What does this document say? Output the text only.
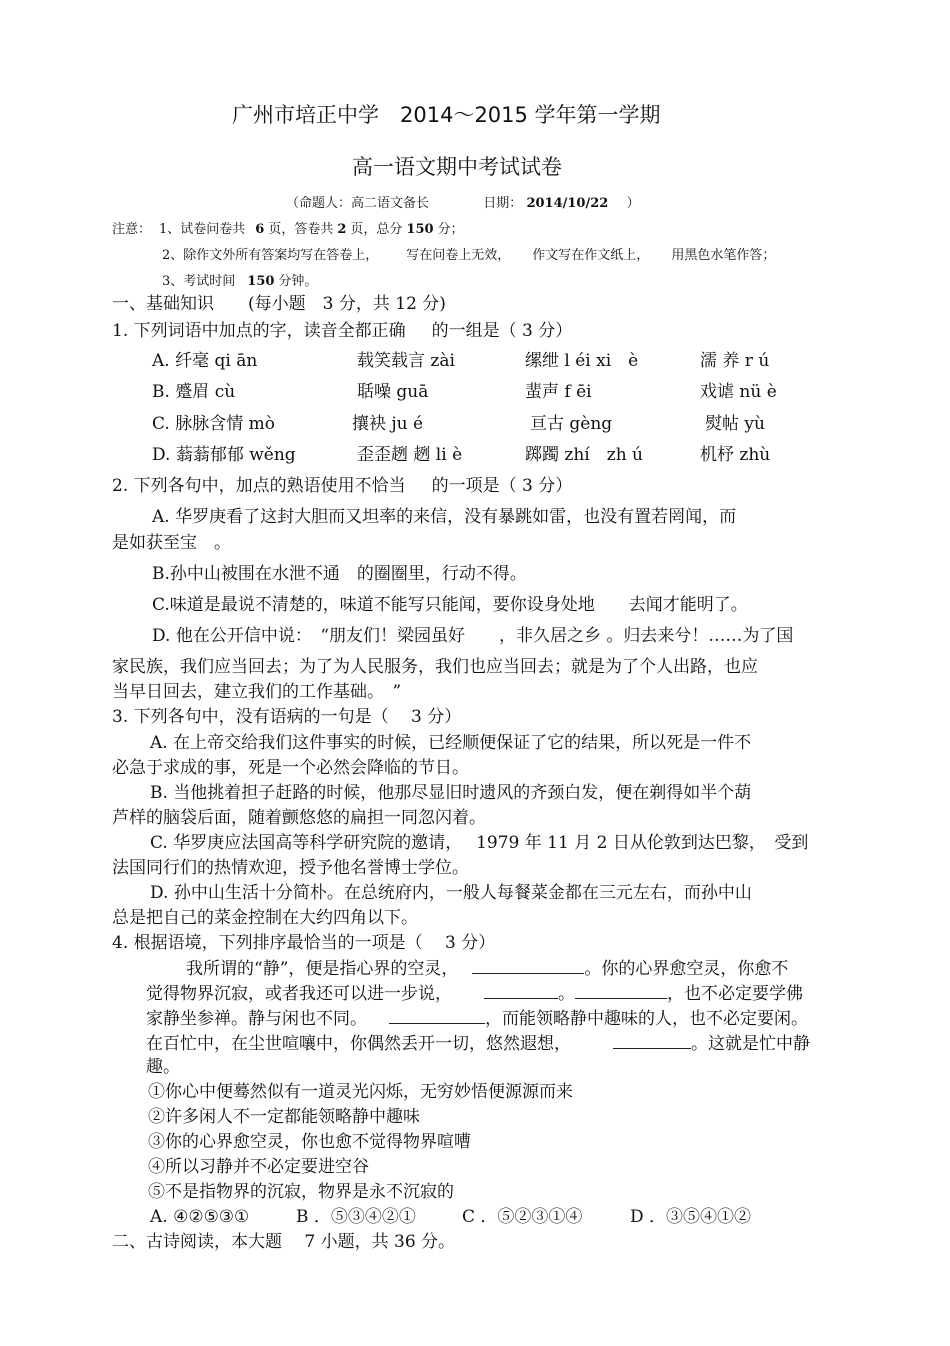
广州市培正中学　2014～2015 学年第一学期
高一语文期中考试试卷
（命题人：高二语文备长	日期： 2014/10/22 ）
注意： 1、试卷问卷共 6 页，答卷共 2 页，总分 150 分；
2、除作文外所有答案均写在答卷上， 写在问卷上无效， 作文写在作文纸上， 用黑色水笔作答；
3、考试时间 150 分钟。
一、基础知识　　(每小题　3 分，共 12 分)
1. 下列词语中加点的字，读音全都正确 的一组是（ 3 分）
A. 纤毫 qi ān	载笑载言 zài	缧绁 l éi xi　è	濡 养 r ú
B. 蹙眉 cù	聒噪 guā	蜚声 f ēi	戏谑 nü è
C. 脉脉含情 mò	攘袂 ju é	亘古 gèng	熨帖 yù
D. 蓊蓊郁郁 wěng	歪歪趔 趔 li è	踯躅 zhí　zh ú	机杼 zhù
2. 下列各句中，加点的熟语使用不恰当 的一项是（ 3 分）
A. 华罗庚看了这封大胆而又坦率的来信，没有暴跳如雷，也没有置若罔闻，而
是如获至宝　。
B.孙中山被围在水泄不通　的圈圈里，行动不得。
C.味道是最说不清楚的，味道不能写只能闻，要你设身处地　　去闻才能明了。
D. 他在公开信中说：　“朋友们！梁园虽好　　，非久居之乡 。归去来兮！……为了国
家民族，我们应当回去；为了为人民服务，我们也应当回去；就是为了个人出路，也应
当早日回去，建立我们的工作基础。　”
3. 下列各句中，没有语病的一句是（　 3 分）
A. 在上帝交给我们这件事实的时候，已经顺便保证了它的结果，所以死是一件不
必急于求成的事，死是一个必然会降临的节日。
B. 当他挑着担子赶路的时候，他那尽显旧时遗风的齐颈白发，便在剃得如半个葫
芦样的脑袋后面，随着颤悠悠的扁担一同忽闪着。
C. 华罗庚应法国高等科学研究院的邀请，　 1979 年 11 月 2 日从伦敦到达巴黎，　受到
法国同行们的热情欢迎，授予他名誉博士学位。
D. 孙中山生活十分简朴。在总统府内，一般人每餐菜金都在三元左右，而孙中山
总是把自己的菜金控制在大约四角以下。
4. 根据语境，下列排序最恰当的一项是（　 3 分）
我所谓的“静”，便是指心界的空灵，	。你的心界愈空灵，你愈不
觉得物界沉寂，或者我还可以进一步说，	。	，也不必定要学佛
家静坐参禅。静与闲也不同。	，而能领略静中趣味的人，也不必定要闲。
在百忙中，在尘世喧嚷中，你偶然丢开一切，悠然遐想，	。这就是忙中静
趣。
①你心中便蓦然似有一道灵光闪烁，无穷妙悟便源源而来
②许多闲人不一定都能领略静中趣味
③你的心界愈空灵，你也愈不觉得物界喧嘈
④所以习静并不必定要进空谷
⑤不是指物界的沉寂，物界是永不沉寂的
A. ④②⑤③①	B ．⑤③④②①	C ．⑤②③①④	D ．③⑤④①②
二、古诗阅读，本大题　 7 小题，共 36 分。
